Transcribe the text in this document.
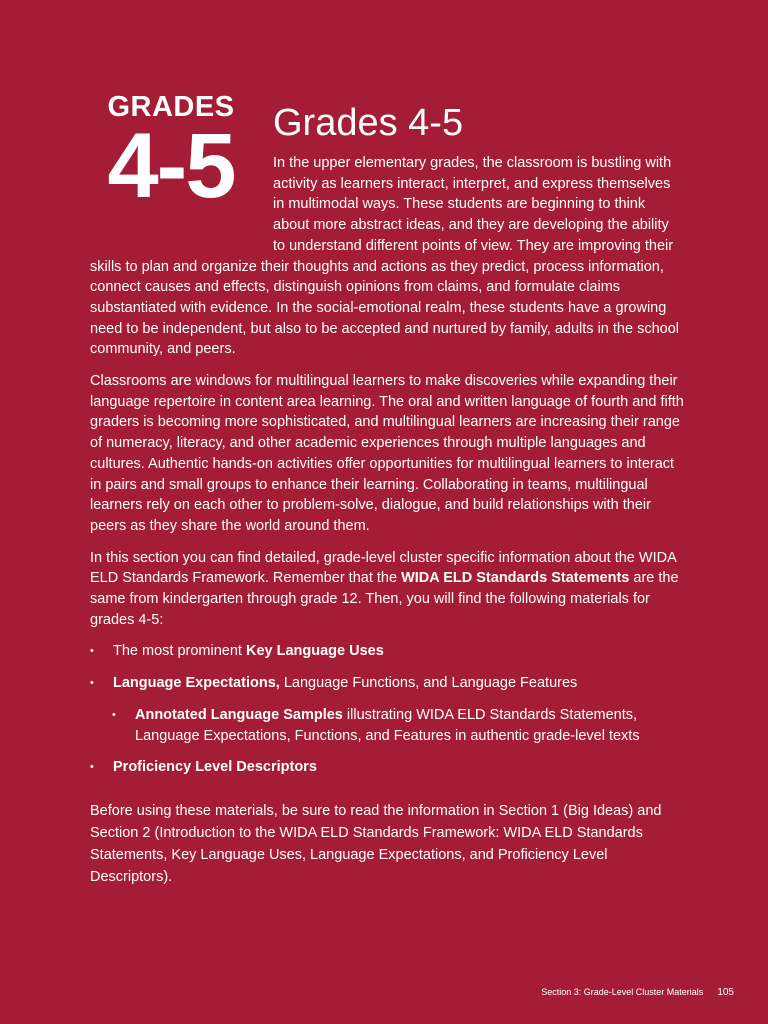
GRADES
4-5	Grades 4-5

In the upper elementary grades, the classroom is bustling with activity as learners interact, interpret, and express themselves in multimodal ways. These students are beginning to think about more abstract ideas, and they are developing the ability to understand different points of view. They are improving their skills to plan and organize their thoughts and actions as they predict, process information, connect causes and effects, distinguish opinions from claims, and formulate claims substantiated with evidence. In the social-emotional realm, these students have a growing need to be independent, but also to be accepted and nurtured by family, adults in the school community, and peers.

Classrooms are windows for multilingual learners to make discoveries while expanding their language repertoire in content area learning. The oral and written language of fourth and fifth graders is becoming more sophisticated, and multilingual learners are increasing their range of numeracy, literacy, and other academic experiences through multiple languages and cultures. Authentic hands-on activities offer opportunities for multilingual learners to interact in pairs and small groups to enhance their learning. Collaborating in teams, multilingual learners rely on each other to problem-solve, dialogue, and build relationships with their peers as they share the world around them.

In this section you can find detailed, grade-level cluster specific information about the WIDA ELD Standards Framework. Remember that the WIDA ELD Standards Statements are the same from kindergarten through grade 12. Then, you will find the following materials for grades 4-5:

• The most prominent Key Language Uses
• Language Expectations, Language Functions, and Language Features
• Annotated Language Samples illustrating WIDA ELD Standards Statements, Language Expectations, Functions, and Features in authentic grade-level texts
• Proficiency Level Descriptors

Before using these materials, be sure to read the information in Section 1 (Big Ideas) and Section 2 (Introduction to the WIDA ELD Standards Framework: WIDA ELD Standards Statements, Key Language Uses, Language Expectations, and Proficiency Level Descriptors).

Section 3: Grade-Level Cluster Materials 105
